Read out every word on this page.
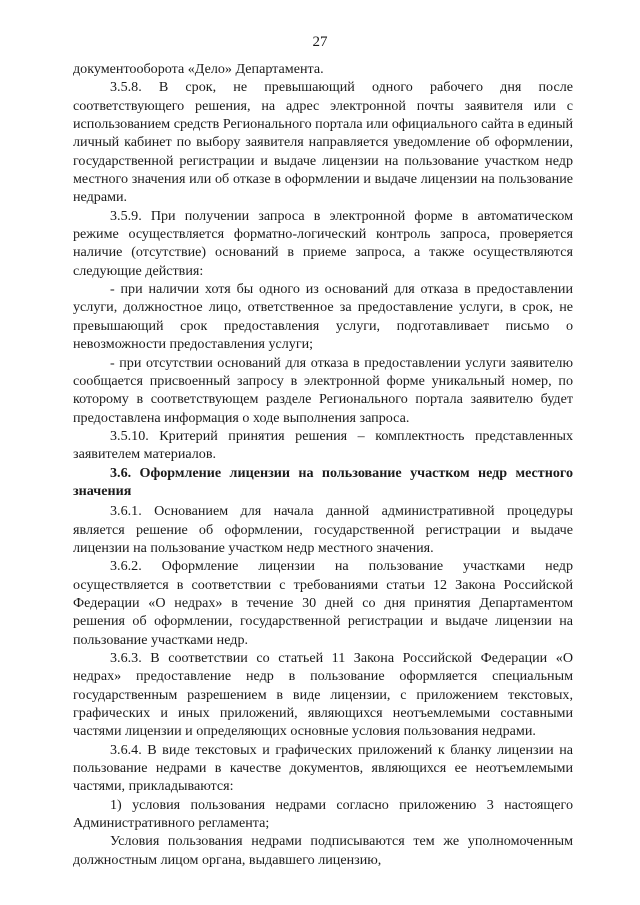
27

документооборота «Дело» Департамента.

3.5.8. В срок, не превышающий одного рабочего дня после соответствующего решения, на адрес электронной почты заявителя или с использованием средств Регионального портала или официального сайта в единый личный кабинет по выбору заявителя направляется уведомление об оформлении, государственной регистрации и выдаче лицензии на пользование участком недр местного значения или об отказе в оформлении и выдаче лицензии на пользование недрами.

3.5.9. При получении запроса в электронной форме в автоматическом режиме осуществляется форматно-логический контроль запроса, проверяется наличие (отсутствие) оснований в приеме запроса, а также осуществляются следующие действия:

- при наличии хотя бы одного из оснований для отказа в предоставлении услуги, должностное лицо, ответственное за предоставление услуги, в срок, не превышающий срок предоставления услуги, подготавливает письмо о невозможности предоставления услуги;

- при отсутствии оснований для отказа в предоставлении услуги заявителю сообщается присвоенный запросу в электронной форме уникальный номер, по которому в соответствующем разделе Регионального портала заявителю будет предоставлена информация о ходе выполнения запроса.

3.5.10. Критерий принятия решения – комплектность представленных заявителем материалов.

3.6. Оформление лицензии на пользование участком недр местного значения

3.6.1. Основанием для начала данной административной процедуры является решение об оформлении, государственной регистрации и выдаче лицензии на пользование участком недр местного значения.

3.6.2. Оформление лицензии на пользование участками недр осуществляется в соответствии с требованиями статьи 12 Закона Российской Федерации «О недрах» в течение 30 дней со дня принятия Департаментом решения об оформлении, государственной регистрации и выдаче лицензии на пользование участками недр.

3.6.3. В соответствии со статьей 11 Закона Российской Федерации «О недрах» предоставление недр в пользование оформляется специальным государственным разрешением в виде лицензии, с приложением текстовых, графических и иных приложений, являющихся неотъемлемыми составными частями лицензии и определяющих основные условия пользования недрами.

3.6.4. В виде текстовых и графических приложений к бланку лицензии на пользование недрами в качестве документов, являющихся ее неотъемлемыми частями, прикладываются:

1) условия пользования недрами согласно приложению 3 настоящего Административного регламента;

Условия пользования недрами подписываются тем же уполномоченным должностным лицом органа, выдавшего лицензию,
